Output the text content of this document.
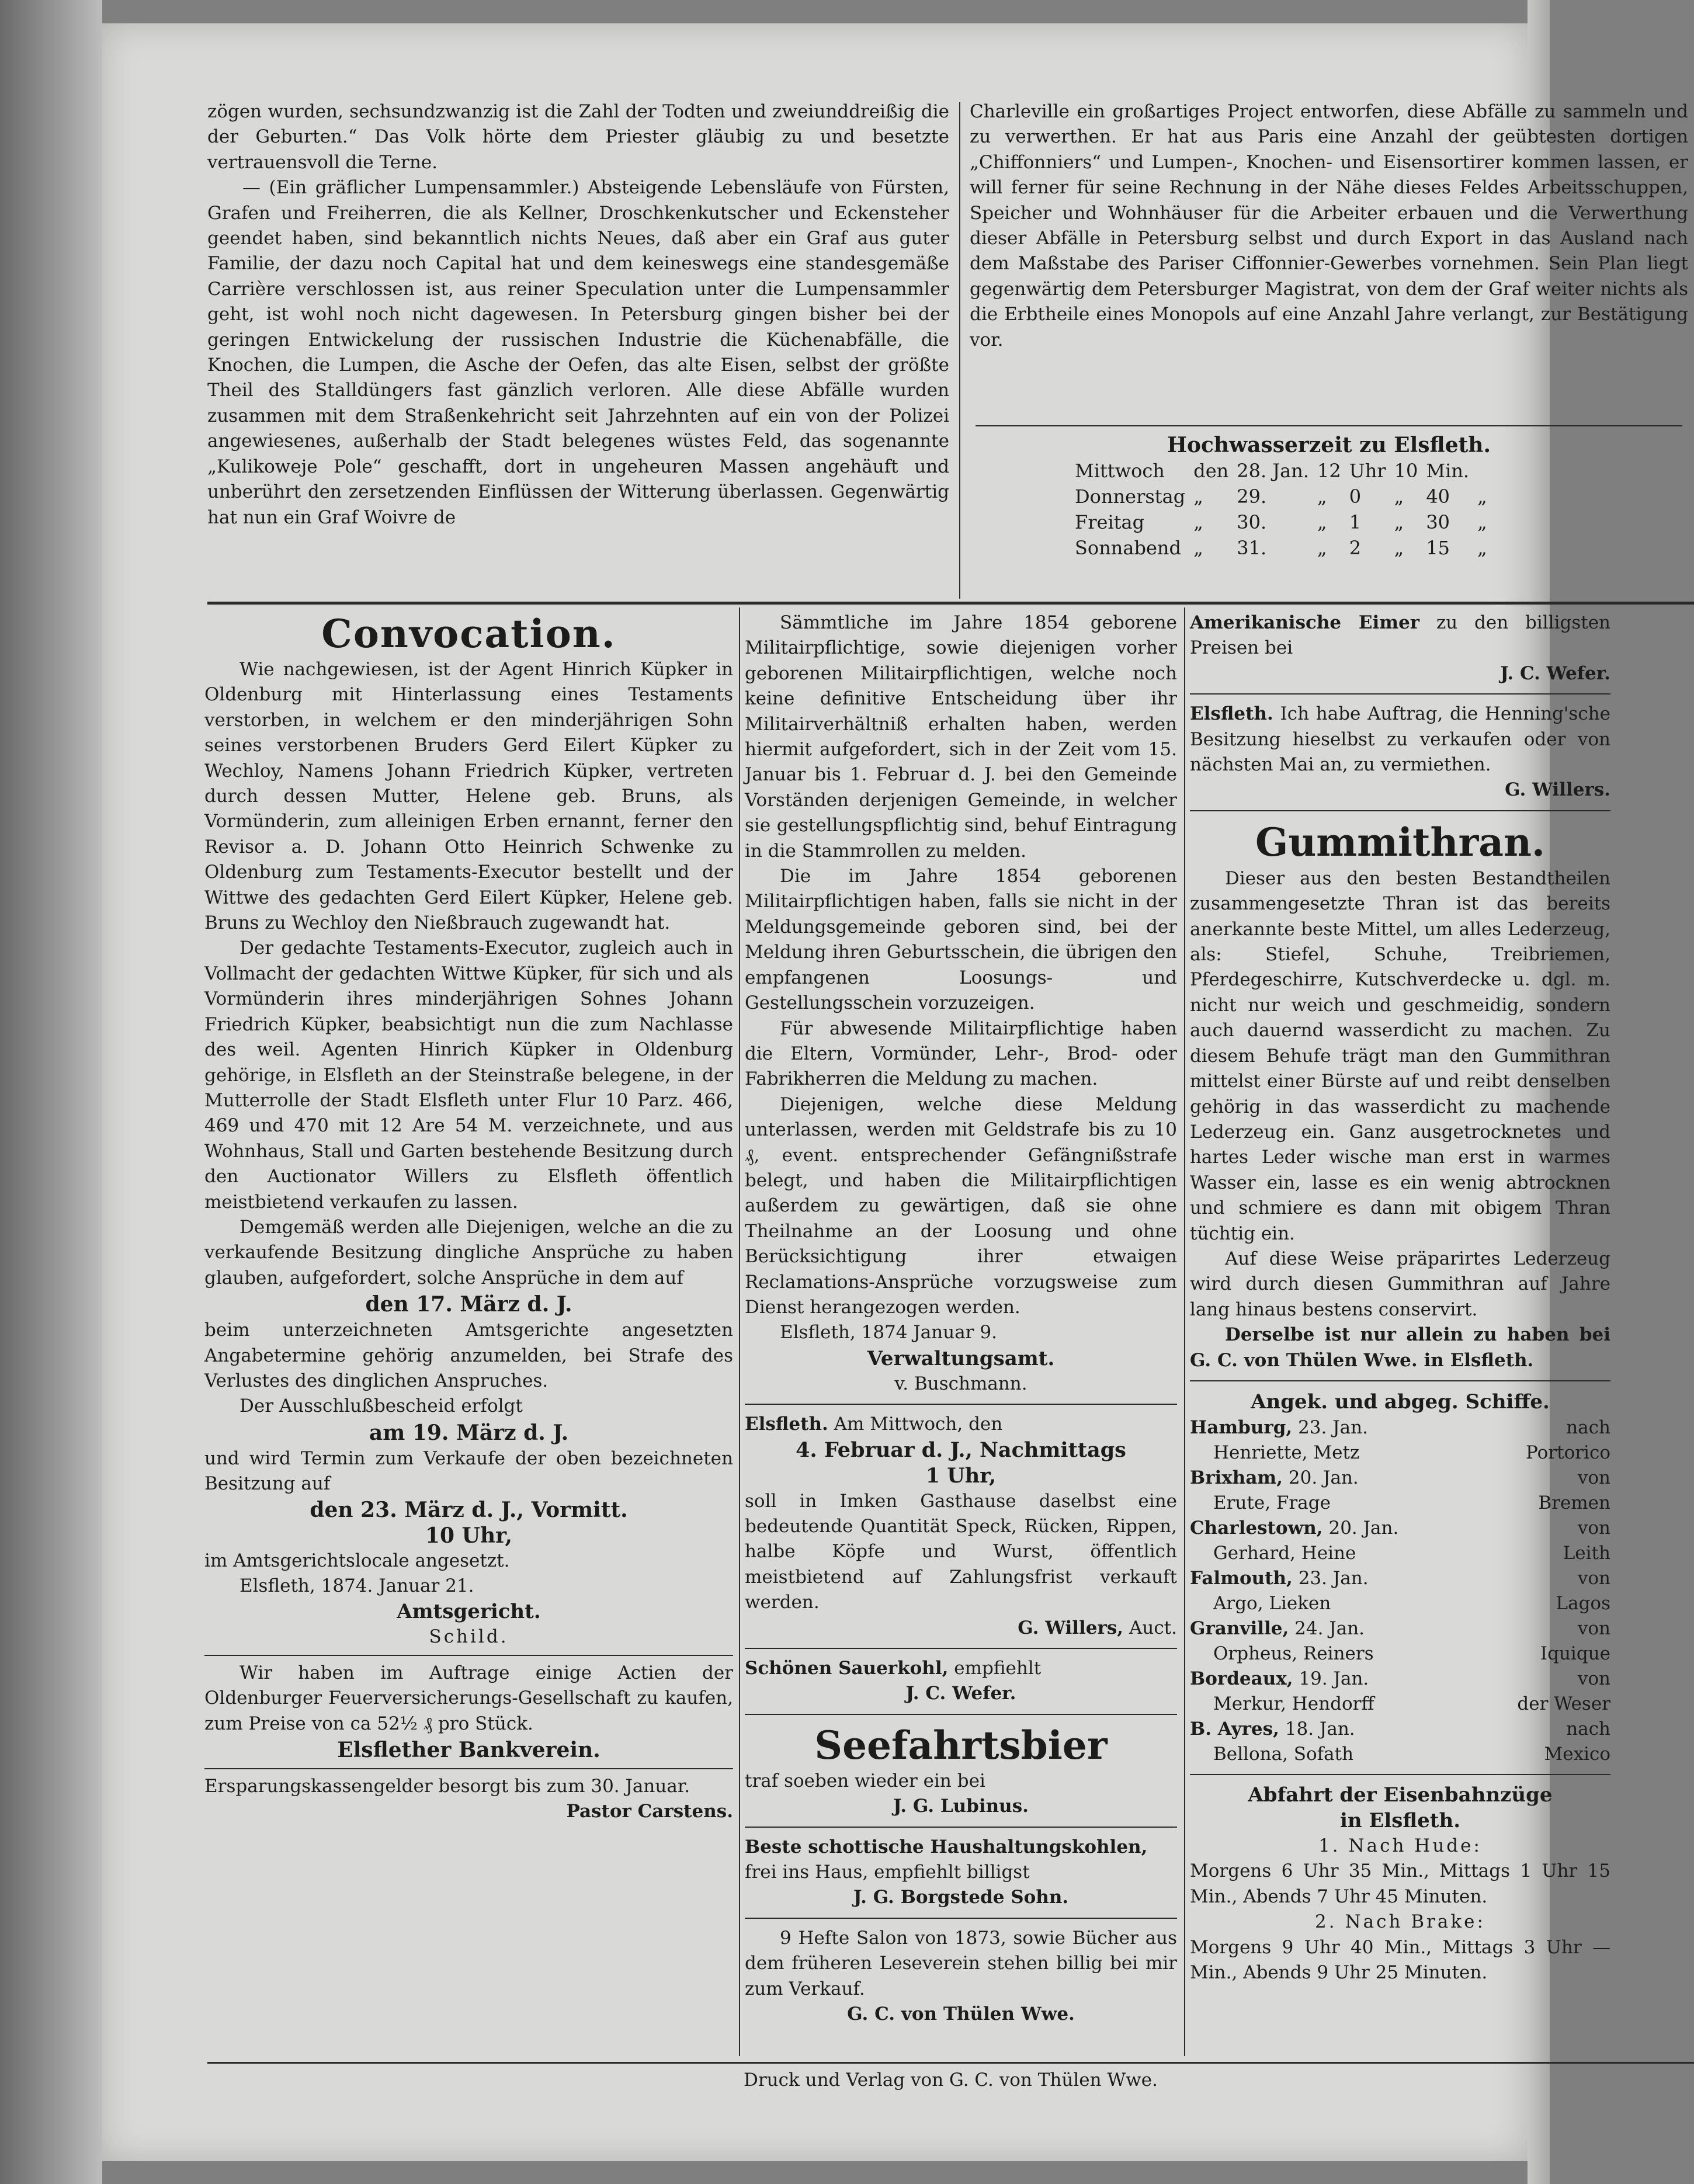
zögen wurden, sechsundzwanzig ist die Zahl der Todten und zweiunddreißig die der Geburten.“ Das Volk hörte dem Priester gläubig zu und besetzte vertrauensvoll die Terne.

— (Ein gräflicher Lumpensammler.) Absteigende Lebensläufe von Fürsten, Grafen und Freiherren, die als Kellner, Droschkenkutscher und Eckensteher geendet haben, sind bekanntlich nichts Neues, daß aber ein Graf aus guter Familie, der dazu noch Capital hat und dem keineswegs eine standesgemäße Carrière verschlossen ist, aus reiner Speculation unter die Lumpensammler geht, ist wohl noch nicht dagewesen. In Petersburg gingen bisher bei der geringen Entwickelung der russischen Industrie die Küchenabfälle, die Knochen, die Lumpen, die Asche der Oefen, das alte Eisen, selbst der größte Theil des Stalldüngers fast gänzlich verloren. Alle diese Abfälle wurden zusammen mit dem Straßenkehricht seit Jahrzehnten auf ein von der Polizei angewiesenes, außerhalb der Stadt belegenes wüstes Feld, das sogenannte „Kulikoweje Pole“ geschafft, dort in ungeheuren Massen angehäuft und unberührt den zersetzenden Einflüssen der Witterung überlassen. Gegenwärtig hat nun ein Graf Woivre de

Charleville ein großartiges Project entworfen, diese Abfälle zu sammeln und zu verwerthen. Er hat aus Paris eine Anzahl der geübtesten dortigen „Chiffonniers“ und Lumpen-, Knochen- und Eisensortirer kommen lassen, er will ferner für seine Rechnung in der Nähe dieses Feldes Arbeitsschuppen, Speicher und Wohnhäuser für die Arbeiter erbauen und die Verwerthung dieser Abfälle in Petersburg selbst und durch Export in das Ausland nach dem Maßstabe des Pariser Ciffonnier-Gewerbes vornehmen. Sein Plan liegt gegenwärtig dem Petersburger Magistrat, von dem der Graf weiter nichts als die Erbtheile eines Monopols auf eine Anzahl Jahre verlangt, zur Bestätigung vor.

Hochwasserzeit zu Elsfleth.
Mittwoch	den	28. Jan.	12	Uhr	10	Min.	
Donnerstag	„	29.	„	0	„	40	„
Freitag	„	30.	„	1	„	30	„
Sonnabend	„	31.	„	2	„	15	„
Convocation.

Wie nachgewiesen, ist der Agent Hinrich Küpker in Oldenburg mit Hinterlassung eines Testaments verstorben, in welchem er den minderjährigen Sohn seines verstorbenen Bruders Gerd Eilert Küpker zu Wechloy, Namens Johann Friedrich Küpker, vertreten durch dessen Mutter, Helene geb. Bruns, als Vormünderin, zum alleinigen Erben ernannt, ferner den Revisor a. D. Johann Otto Heinrich Schwenke zu Oldenburg zum Testaments-Executor bestellt und der Wittwe des gedachten Gerd Eilert Küpker, Helene geb. Bruns zu Wechloy den Nießbrauch zugewandt hat.

Der gedachte Testaments-Executor, zugleich auch in Vollmacht der gedachten Wittwe Küpker, für sich und als Vormünderin ihres minderjährigen Sohnes Johann Friedrich Küpker, beabsichtigt nun die zum Nachlasse des weil. Agenten Hinrich Küpker in Oldenburg gehörige, in Elsfleth an der Steinstraße belegene, in der Mutterrolle der Stadt Elsfleth unter Flur 10 Parz. 466, 469 und 470 mit 12 Are 54 M. verzeichnete, und aus Wohnhaus, Stall und Garten bestehende Besitzung durch den Auctionator Willers zu Elsfleth öffentlich meistbietend verkaufen zu lassen.

Demgemäß werden alle Diejenigen, welche an die zu verkaufende Besitzung dingliche Ansprüche zu haben glauben, aufgefordert, solche Ansprüche in dem auf

den 17. März d. J.

beim unterzeichneten Amtsgerichte angesetzten Angabetermine gehörig anzumelden, bei Strafe des Verlustes des dinglichen Anspruches.

Der Ausschlußbescheid erfolgt

am 19. März d. J.

und wird Termin zum Verkaufe der oben bezeichneten Besitzung auf

den 23. März d. J., Vormitt.
10 Uhr,

im Amtsgerichtslocale angesetzt.

Elsfleth, 1874. Januar 21.

Amtsgericht.
Schild.

Wir haben im Auftrage einige Actien der Oldenburger Feuerversicherungs-Gesellschaft zu kaufen, zum Preise von ca 52½ ₰ pro Stück.

Elsflether Bankverein.

Ersparungskassengelder besorgt bis zum 30. Januar.

Pastor Carstens.

Sämmtliche im Jahre 1854 geborene Militairpflichtige, sowie diejenigen vorher geborenen Militairpflichtigen, welche noch keine definitive Entscheidung über ihr Militairverhältniß erhalten haben, werden hiermit aufgefordert, sich in der Zeit vom 15. Januar bis 1. Februar d. J. bei den Gemeinde Vorständen derjenigen Gemeinde, in welcher sie gestellungspflichtig sind, behuf Eintragung in die Stammrollen zu melden.

Die im Jahre 1854 geborenen Militairpflichtigen haben, falls sie nicht in der Meldungsgemeinde geboren sind, bei der Meldung ihren Geburtsschein, die übrigen den empfangenen Loosungs- und Gestellungsschein vorzuzeigen.

Für abwesende Militairpflichtige haben die Eltern, Vormünder, Lehr-, Brod- oder Fabrikherren die Meldung zu machen.

Diejenigen, welche diese Meldung unterlassen, werden mit Geldstrafe bis zu 10 ₰, event. entsprechender Gefängnißstrafe belegt, und haben die Militairpflichtigen außerdem zu gewärtigen, daß sie ohne Theilnahme an der Loosung und ohne Berücksichtigung ihrer etwaigen Reclamations-Ansprüche vorzugsweise zum Dienst herangezogen werden.

Elsfleth, 1874 Januar 9.

Verwaltungsamt.
v. Buschmann.
Elsfleth. Am Mittwoch, den
4. Februar d. J., Nachmittags
1 Uhr,

soll in Imken Gasthause daselbst eine bedeutende Quantität Speck, Rücken, Rippen, halbe Köpfe und Wurst, öffentlich meistbietend auf Zahlungsfrist verkauft werden.

G. Willers, Auct.
Schönen Sauerkohl, empfiehlt
J. C. Wefer.
Seefahrtsbier
traf soeben wieder ein bei
J. G. Lubinus.
Beste schottische Haushaltungskohlen, frei ins Haus, empfiehlt billigst
J. G. Borgstede Sohn.

9 Hefte Salon von 1873, sowie Bücher aus dem früheren Leseverein stehen billig bei mir zum Verkauf.

G. C. von Thülen Wwe.
Amerikanische Eimer zu den billigsten Preisen bei
J. C. Wefer.
Elsfleth. Ich habe Auftrag, die Henning'sche Besitzung hieselbst zu verkaufen oder von nächsten Mai an, zu vermiethen.
G. Willers.
Gummithran.

Dieser aus den besten Bestandtheilen zusammengesetzte Thran ist das bereits anerkannte beste Mittel, um alles Lederzeug, als: Stiefel, Schuhe, Treibriemen, Pferdegeschirre, Kutschverdecke u. dgl. m. nicht nur weich und geschmeidig, sondern auch dauernd wasserdicht zu machen. Zu diesem Behufe trägt man den Gummithran mittelst einer Bürste auf und reibt denselben gehörig in das wasserdicht zu machende Lederzeug ein. Ganz ausgetrocknetes und hartes Leder wische man erst in warmes Wasser ein, lasse es ein wenig abtrocknen und schmiere es dann mit obigem Thran tüchtig ein.

Auf diese Weise präparirtes Lederzeug wird durch diesen Gummithran auf Jahre lang hinaus bestens conservirt.

Derselbe ist nur allein zu haben bei G. C. von Thülen Wwe. in Elsfleth.

Angek. und abgeg. Schiffe.
Hamburg, 23. Jan.	nach
Henriette, Metz	Portorico
Brixham, 20. Jan.	von
Erute, Frage	Bremen
Charlestown, 20. Jan.	von
Gerhard, Heine	Leith
Falmouth, 23. Jan.	von
Argo, Lieken	Lagos
Granville, 24. Jan.	von
Orpheus, Reiners	Iquique
Bordeaux, 19. Jan.	von
Merkur, Hendorff	der Weser
B. Ayres, 18. Jan.	nach
Bellona, Sofath	Mexico
Abfahrt der Eisenbahnzüge
in Elsfleth.
1. Nach Hude:

Morgens 6 Uhr 35 Min., Mittags 1 Uhr 15 Min., Abends 7 Uhr 45 Minuten.

2. Nach Brake:

Morgens 9 Uhr 40 Min., Mittags 3 Uhr — Min., Abends 9 Uhr 25 Minuten.

Druck und Verlag von G. C. von Thülen Wwe.
